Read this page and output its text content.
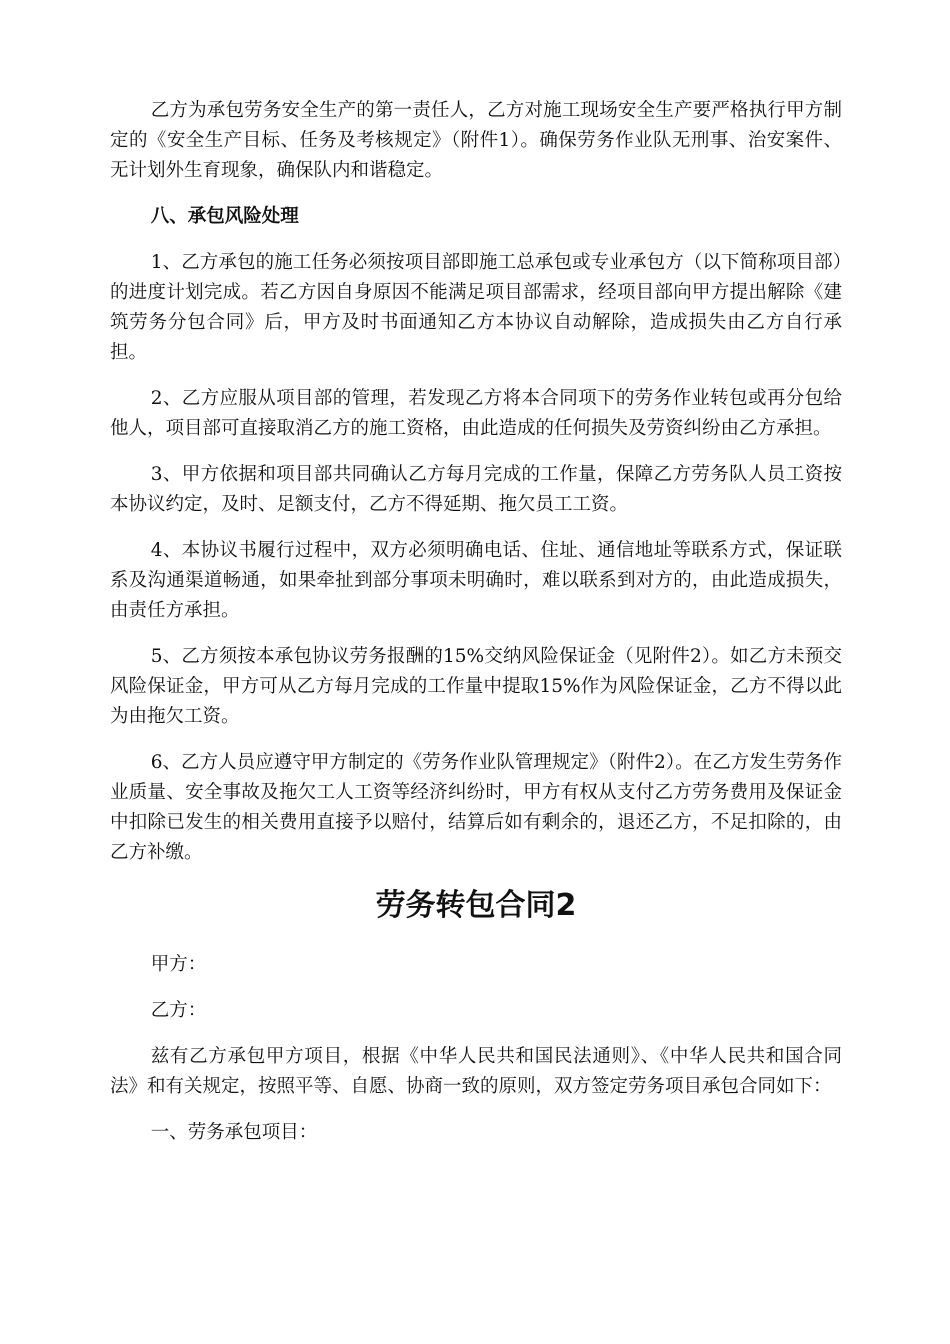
乙方为承包劳务安全生产的第一责任人，乙方对施工现场安全生产要严格执行甲方制定的《安全生产目标、任务及考核规定》（附件1）。确保劳务作业队无刑事、治安案件、无计划外生育现象，确保队内和谐稳定。

八、承包风险处理

1、乙方承包的施工任务必须按项目部即施工总承包或专业承包方（以下简称项目部）的进度计划完成。若乙方因自身原因不能满足项目部需求，经项目部向甲方提出解除《建筑劳务分包合同》后，甲方及时书面通知乙方本协议自动解除，造成损失由乙方自行承担。

2、乙方应服从项目部的管理，若发现乙方将本合同项下的劳务作业转包或再分包给他人，项目部可直接取消乙方的施工资格，由此造成的任何损失及劳资纠纷由乙方承担。

3、甲方依据和项目部共同确认乙方每月完成的工作量，保障乙方劳务队人员工资按本协议约定，及时、足额支付，乙方不得延期、拖欠员工工资。

4、本协议书履行过程中，双方必须明确电话、住址、通信地址等联系方式，保证联系及沟通渠道畅通，如果牵扯到部分事项未明确时，难以联系到对方的，由此造成损失，由责任方承担。

5、乙方须按本承包协议劳务报酬的15%交纳风险保证金（见附件2）。如乙方未预交风险保证金，甲方可从乙方每月完成的工作量中提取15%作为风险保证金，乙方不得以此为由拖欠工资。

6、乙方人员应遵守甲方制定的《劳务作业队管理规定》（附件2）。在乙方发生劳务作业质量、安全事故及拖欠工人工资等经济纠纷时，甲方有权从支付乙方劳务费用及保证金中扣除已发生的相关费用直接予以赔付，结算后如有剩余的，退还乙方，不足扣除的，由乙方补缴。

劳务转包合同2

甲方：

乙方：

兹有乙方承包甲方项目，根据《中华人民共和国民法通则》、《中华人民共和国合同法》和有关规定，按照平等、自愿、协商一致的原则，双方签定劳务项目承包合同如下：

一、劳务承包项目：
